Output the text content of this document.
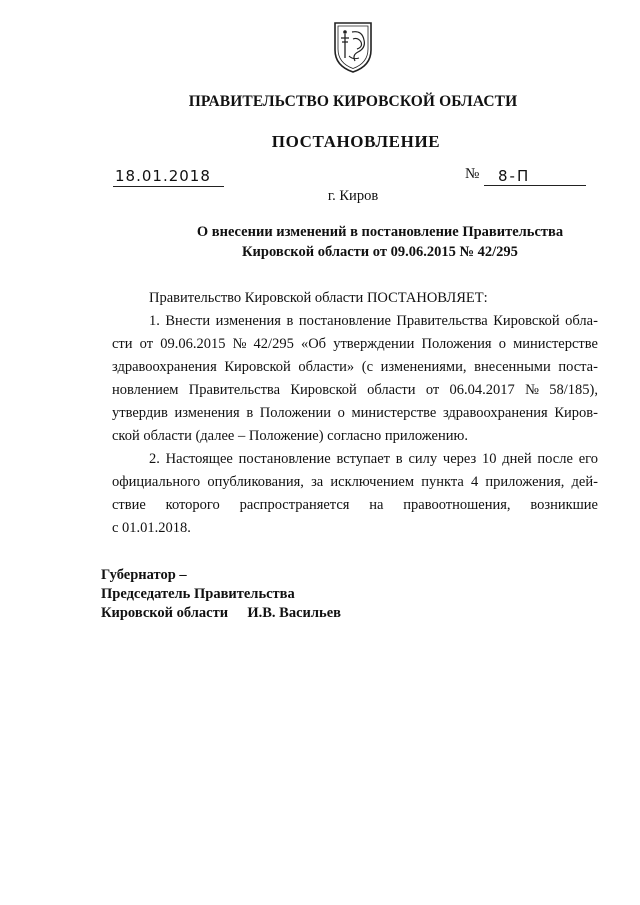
ПРАВИТЕЛЬСТВО КИРОВСКОЙ ОБЛАСТИ
ПОСТАНОВЛЕНИЕ
18.01.2018	№	8-П
г. Киров
О внесении изменений в постановление Правительства
Кировской области от 09.06.2015 № 42/295
Правительство Кировской области ПОСТАНОВЛЯЕТ:
1. Внести изменения в постановление Правительства Кировской обла-
сти от 09.06.2015 № 42/295 «Об утверждении Положения о министерстве
здравоохранения Кировской области» (с изменениями, внесенными поста-
новлением Правительства Кировской области от 06.04.2017 № 58/185),
утвердив изменения в Положении о министерстве здравоохранения Киров-
ской области (далее – Положение) согласно приложению.
2. Настоящее постановление вступает в силу через 10 дней после его
официального опубликования, за исключением пункта 4 приложения, дей-
ствие которого распространяется на правоотношения, возникшие
с 01.01.2018.
Губернатор –
Председатель Правительства
Кировской области И.В. Васильев
